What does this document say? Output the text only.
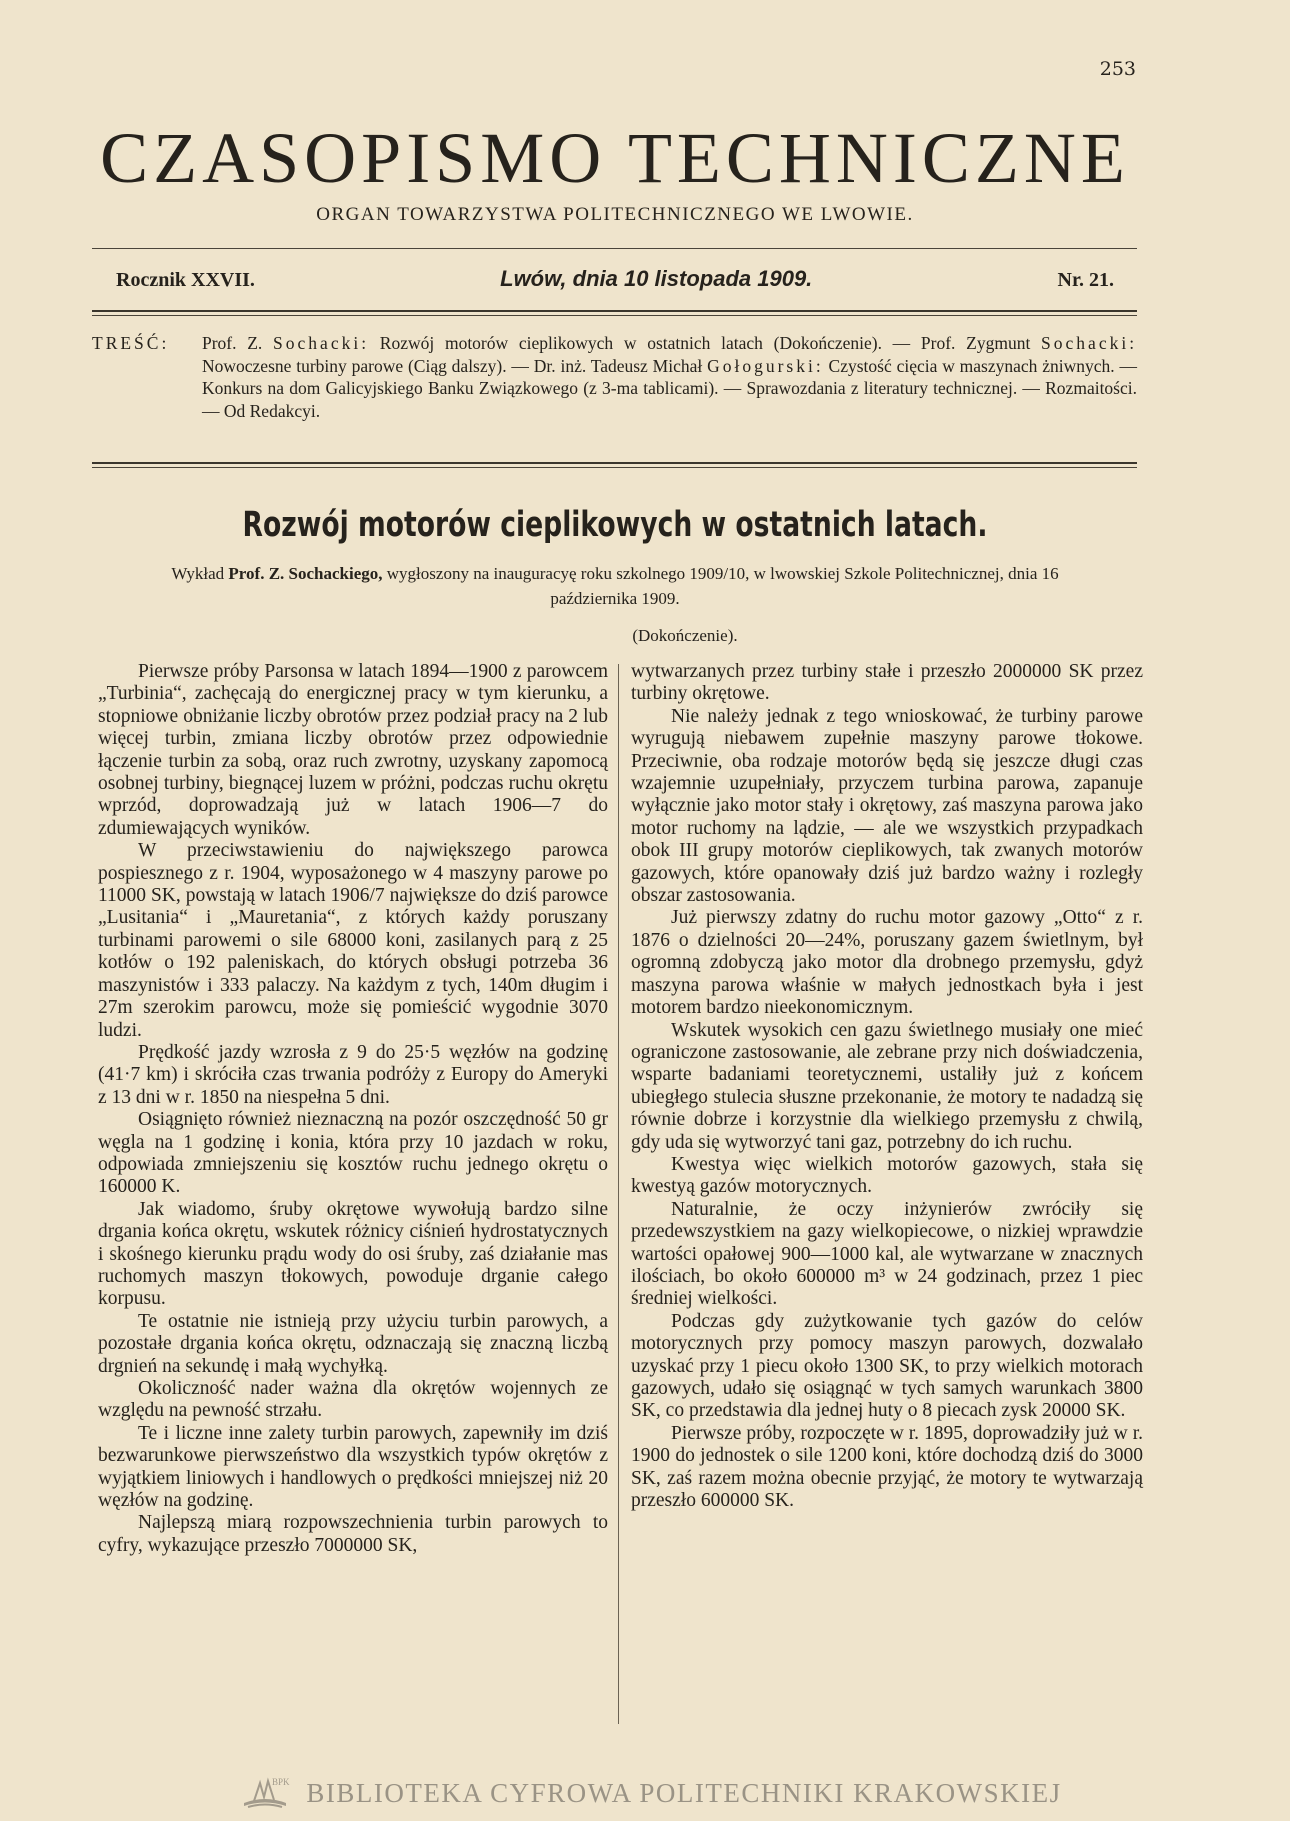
253
CZASOPISMO TECHNICZNE
ORGAN TOWARZYSTWA POLITECHNICZNEGO WE LWOWIE.
Rocznik XXVII.	Lwów, dnia 10 listopada 1909.	Nr. 21.
TREŚĆ:	Prof. Z. Sochacki: Rozwój motorów cieplikowych w ostatnich latach (Dokończenie). — Prof. Zygmunt Sochacki: Nowoczesne turbiny parowe (Ciąg dalszy). — Dr. inż. Tadeusz Michał Gołogurski: Czystość cięcia w maszynach żniwnych. — Konkurs na dom Galicyjskiego Banku Związkowego (z 3-ma tablicami). — Sprawozdania z literatury technicznej. — Rozmaitości. — Od Redakcyi.
Rozwój motorów cieplikowych w ostatnich latach.
Wykład Prof. Z. Sochackiego, wygłoszony na inauguracyę roku szkolnego 1909/10, w lwowskiej Szkole Politechnicznej, dnia 16 października 1909.
(Dokończenie).

Pierwsze próby Parsonsa w latach 1894—1900 z parowcem „Turbinia“, zachęcają do energicznej pracy w tym kierunku, a stopniowe obniżanie liczby obrotów przez podział pracy na 2 lub więcej turbin, zmiana liczby obrotów przez odpowiednie łączenie turbin za sobą, oraz ruch zwrotny, uzyskany zapomocą osobnej turbiny, biegnącej luzem w próżni, podczas ruchu okrętu wprzód, doprowadzają już w latach 1906—7 do zdumiewających wyników.

W przeciwstawieniu do największego parowca pospiesznego z r. 1904, wyposażonego w 4 maszyny parowe po 11000 SK, powstają w latach 1906/7 największe do dziś parowce „Lusitania“ i „Mauretania“, z których każdy poruszany turbinami parowemi o sile 68000 koni, zasilanych parą z 25 kotłów o 192 paleniskach, do których obsługi potrzeba 36 maszynistów i 333 palaczy. Na każdym z tych, 140m długim i 27m szerokim parowcu, może się pomieścić wygodnie 3070 ludzi.

Prędkość jazdy wzrosła z 9 do 25·5 węzłów na godzinę (41·7 km) i skróciła czas trwania podróży z Europy do Ameryki z 13 dni w r. 1850 na niespełna 5 dni.

Osiągnięto również nieznaczną na pozór oszczędność 50 gr węgla na 1 godzinę i konia, która przy 10 jazdach w roku, odpowiada zmniejszeniu się kosztów ruchu jednego okrętu o 160000 K.

Jak wiadomo, śruby okrętowe wywołują bardzo silne drgania końca okrętu, wskutek różnicy ciśnień hydrostatycznych i skośnego kierunku prądu wody do osi śruby, zaś działanie mas ruchomych maszyn tłokowych, powoduje drganie całego korpusu.

Te ostatnie nie istnieją przy użyciu turbin parowych, a pozostałe drgania końca okrętu, odznaczają się znaczną liczbą drgnień na sekundę i małą wychyłką.

Okoliczność nader ważna dla okrętów wojennych ze względu na pewność strzału.

Te i liczne inne zalety turbin parowych, zapewniły im dziś bezwarunkowe pierwszeństwo dla wszystkich typów okrętów z wyjątkiem liniowych i handlowych o prędkości mniejszej niż 20 węzłów na godzinę.

Najlepszą miarą rozpowszechnienia turbin parowych to cyfry, wykazujące przeszło 7000000 SK,

wytwarzanych przez turbiny stałe i przeszło 2000000 SK przez turbiny okrętowe.

Nie należy jednak z tego wnioskować, że turbiny parowe wyrugują niebawem zupełnie maszyny parowe tłokowe. Przeciwnie, oba rodzaje motorów będą się jeszcze długi czas wzajemnie uzupełniały, przyczem turbina parowa, zapanuje wyłącznie jako motor stały i okrętowy, zaś maszyna parowa jako motor ruchomy na lądzie, — ale we wszystkich przypadkach obok III grupy motorów cieplikowych, tak zwanych motorów gazowych, które opanowały dziś już bardzo ważny i rozległy obszar zastosowania.

Już pierwszy zdatny do ruchu motor gazowy „Otto“ z r. 1876 o dzielności 20—24%, poruszany gazem świetlnym, był ogromną zdobyczą jako motor dla drobnego przemysłu, gdyż maszyna parowa właśnie w małych jednostkach była i jest motorem bardzo nieekonomicznym.

Wskutek wysokich cen gazu świetlnego musiały one mieć ograniczone zastosowanie, ale zebrane przy nich doświadczenia, wsparte badaniami teoretycznemi, ustaliły już z końcem ubiegłego stulecia słuszne przekonanie, że motory te nadadzą się równie dobrze i korzystnie dla wielkiego przemysłu z chwilą, gdy uda się wytworzyć tani gaz, potrzebny do ich ruchu.

Kwestya więc wielkich motorów gazowych, stała się kwestyą gazów motorycznych.

Naturalnie, że oczy inżynierów zwróciły się przedewszystkiem na gazy wielkopiecowe, o nizkiej wprawdzie wartości opałowej 900—1000 kal, ale wytwarzane w znacznych ilościach, bo około 600000 m³ w 24 godzinach, przez 1 piec średniej wielkości.

Podczas gdy zużytkowanie tych gazów do celów motorycznych przy pomocy maszyn parowych, dozwalało uzyskać przy 1 piecu około 1300 SK, to przy wielkich motorach gazowych, udało się osiągnąć w tych samych warunkach 3800 SK, co przedstawia dla jednej huty o 8 piecach zysk 20000 SK.

Pierwsze próby, rozpoczęte w r. 1895, doprowadziły już w r. 1900 do jednostek o sile 1200 koni, które dochodzą dziś do 3000 SK, zaś razem można obecnie przyjąć, że motory te wytwarzają przeszło 600000 SK.

BPK BIBLIOTEKA CYFROWA POLITECHNIKI KRAKOWSKIEJ
